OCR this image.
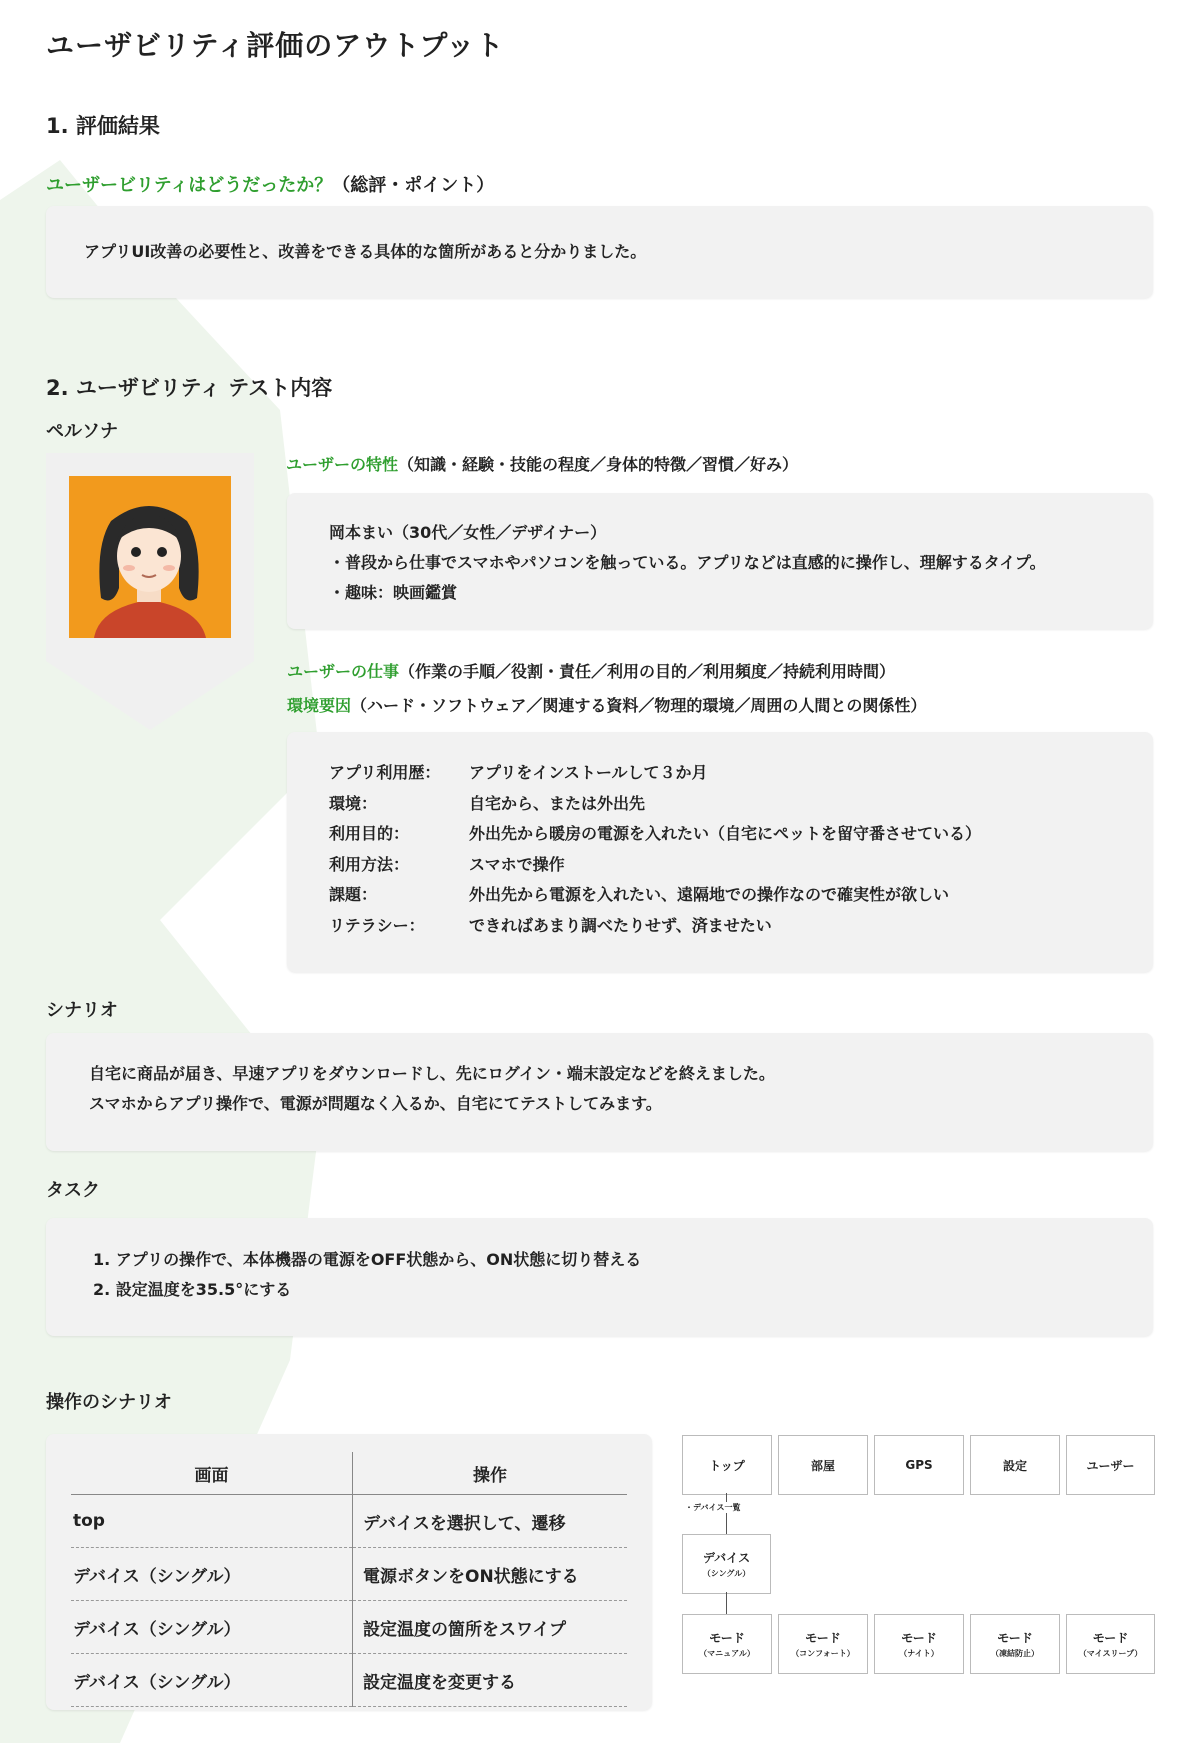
ユーザビリティ評価のアウトプット
1. 評価結果
ユーザービリティはどうだったか？（総評・ポイント）
アプリUI改善の必要性と、改善をできる具体的な箇所があると分かりました。
2. ユーザビリティ テスト内容
ペルソナ
ユーザーの特性（知識・経験・技能の程度／身体的特徴／習慣／好み）
岡本まい（30代／女性／デザイナー）
・普段から仕事でスマホやパソコンを触っている。アプリなどは直感的に操作し、理解するタイプ。
・趣味：映画鑑賞
ユーザーの仕事（作業の手順／役割・責任／利用の目的／利用頻度／持続利用時間）
環境要因（ハード・ソフトウェア／関連する資料／物理的環境／周囲の人間との関係性）
アプリ利用歴：	アプリをインストールして３か月
環境：	自宅から、または外出先
利用目的：	外出先から暖房の電源を入れたい（自宅にペットを留守番させている）
利用方法：	スマホで操作
課題：	外出先から電源を入れたい、遠隔地での操作なので確実性が欲しい
リテラシー：	できればあまり調べたりせず、済ませたい
シナリオ
自宅に商品が届き、早速アプリをダウンロードし、先にログイン・端末設定などを終えました。
スマホからアプリ操作で、電源が問題なく入るか、自宅にてテストしてみます。
タスク
1. アプリの操作で、本体機器の電源をOFF状態から、ON状態に切り替える
2. 設定温度を35.5°にする
操作のシナリオ
画面	操作
top	デバイスを選択して、遷移
デバイス（シングル）	電源ボタンをON状態にする
デバイス（シングル）	設定温度の箇所をスワイプ
デバイス（シングル）	設定温度を変更する
トップ	部屋	GPS	設定	ユーザー
・デバイス一覧
デバイス
（シングル）
モード
（マニュアル）
モード
（コンフォート）
モード
（ナイト）
モード
（凍結防止）
モード
（マイスリープ）
